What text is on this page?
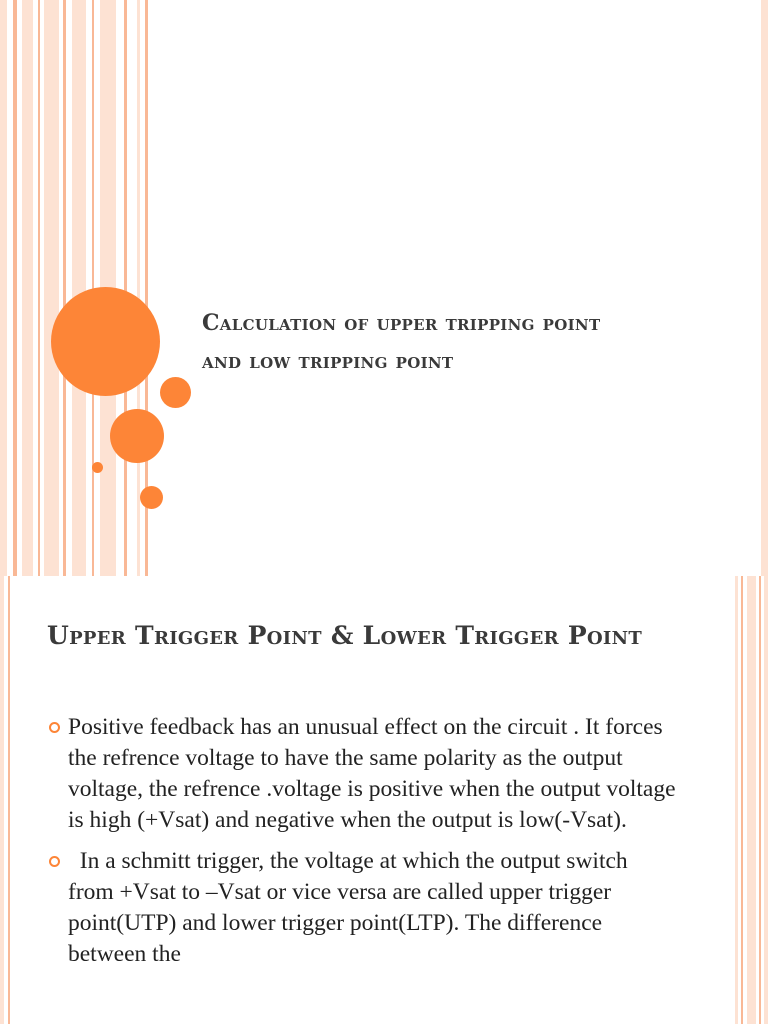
Calculation of upper tripping point and low tripping point
Upper Trigger Point & Lower Trigger Point
Positive feedback has an unusual effect on the circuit . It forces the refrence voltage to have the same polarity as the output voltage, the refrence .voltage is positive when the output voltage is high (+Vsat) and negative when the output is low(-Vsat).
In a schmitt trigger, the voltage at which the output switch from +Vsat to –Vsat or vice versa are called upper trigger  point(UTP) and lower trigger point(LTP). The difference between the
